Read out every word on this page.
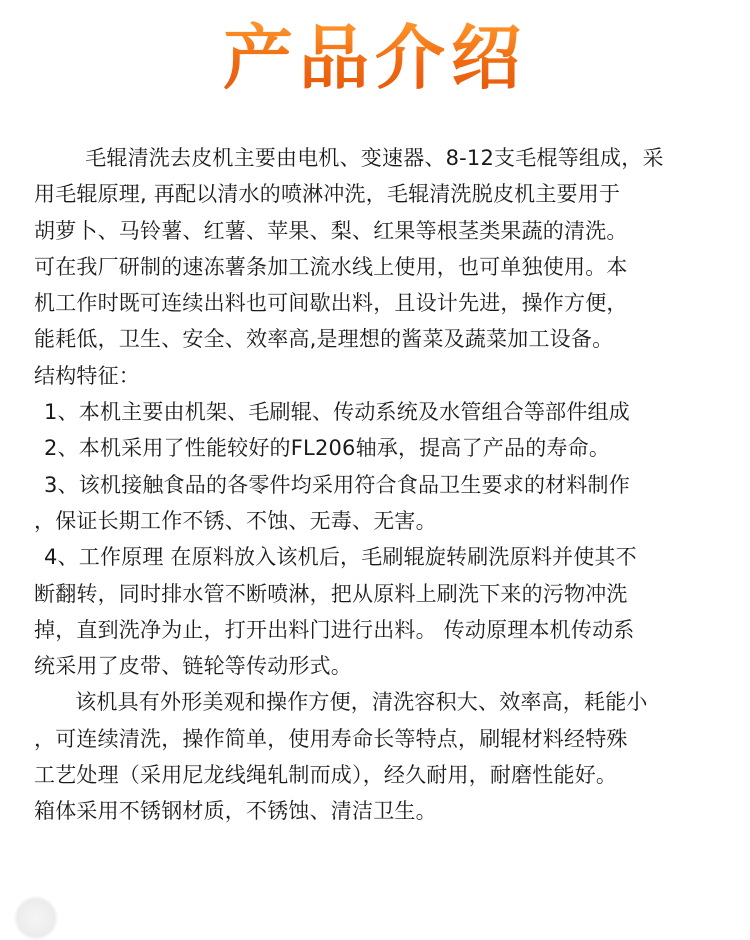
产品介绍
　毛辊清洗去皮机主要由电机、变速器、8-12支毛棍等组成，采
用毛辊原理, 再配以清水的喷淋冲洗，毛辊清洗脱皮机主要用于
胡萝卜、马铃薯、红薯、苹果、梨、红果等根茎类果蔬的清洗。
可在我厂研制的速冻薯条加工流水线上使用，也可单独使用。本
机工作时既可连续出料也可间歇出料，且设计先进，操作方便，
能耗低，卫生、安全、效率高,是理想的酱菜及蔬菜加工设备。
结构特征：
1、本机主要由机架、毛刷辊、传动系统及水管组合等部件组成
2、本机采用了性能较好的FL206轴承，提高了产品的寿命。
3、该机接触食品的各零件均采用符合食品卫生要求的材料制作
，保证长期工作不锈、不蚀、无毒、无害。
4、工作原理 在原料放入该机后，毛刷辊旋转刷洗原料并使其不
断翻转，同时排水管不断喷淋，把从原料上刷洗下来的污物冲洗
掉，直到洗净为止，打开出料门进行出料。 传动原理本机传动系
统采用了皮带、链轮等传动形式。
　该机具有外形美观和操作方便，清洗容积大、效率高，耗能小
，可连续清洗，操作简单，使用寿命长等特点，刷辊材料经特殊
工艺处理（采用尼龙线绳轧制而成），经久耐用，耐磨性能好。
箱体采用不锈钢材质，不锈蚀、清洁卫生。
